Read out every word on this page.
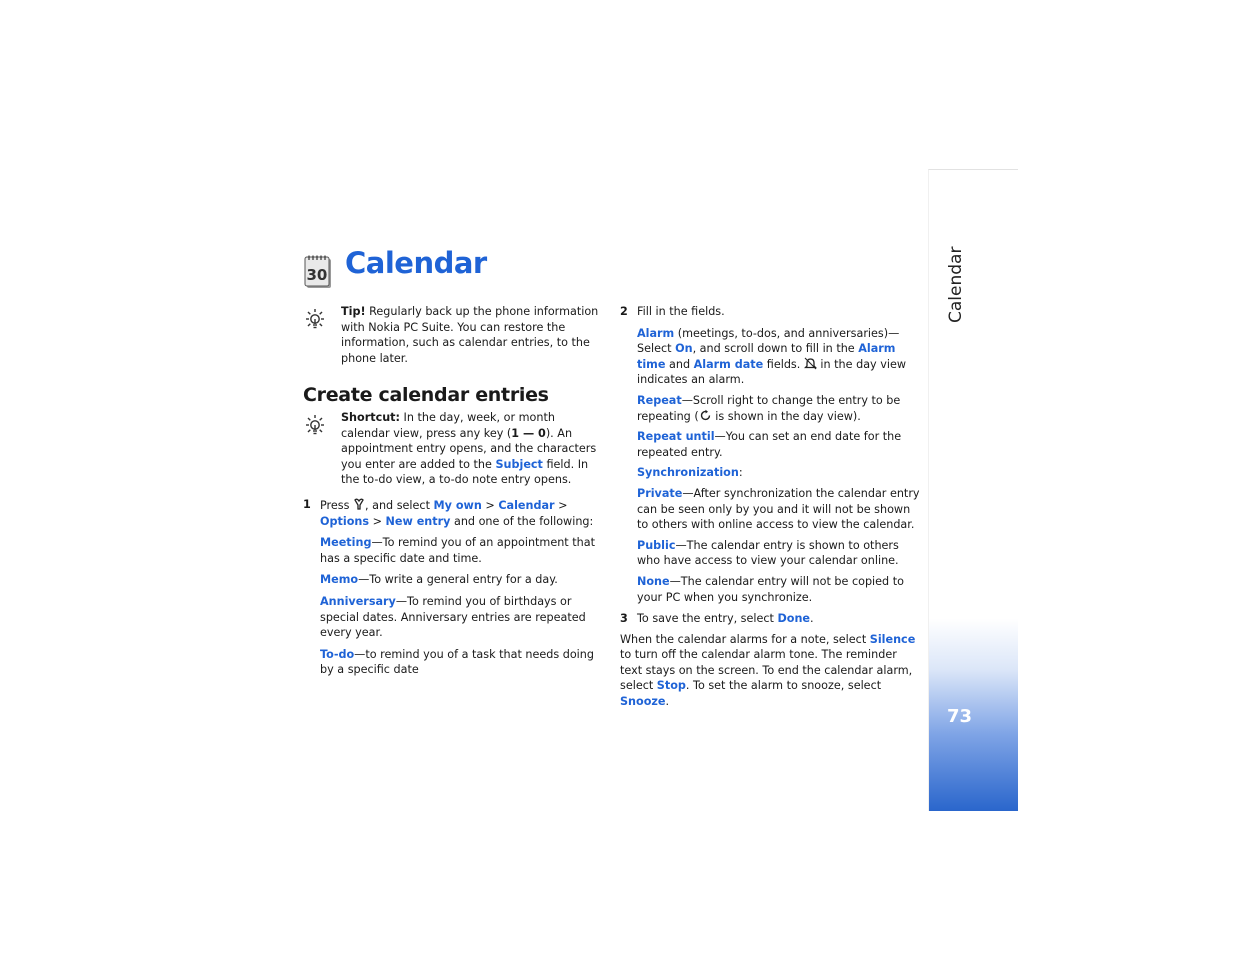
Calendar
73
30 Calendar

Tip! Regularly back up the phone information with Nokia PC Suite. You can restore the information, such as calendar entries, to the phone later.

Create calendar entries

Shortcut: In the day, week, or month calendar view, press any key (1 — 0). An appointment entry opens, and the characters you enter are added to the Subject field. In the to-do view, a to-do note entry opens.

1 Press , and select My own > Calendar > Options > New entry and one of the following:

Meeting—To remind you of an appointment that has a specific date and time.

Memo—To write a general entry for a day.

Anniversary—To remind you of birthdays or special dates. Anniversary entries are repeated every year.

To-do—to remind you of a task that needs doing by a specific date

2 Fill in the fields.

Alarm (meetings, to-dos, and anniversaries)—Select On, and scroll down to fill in the Alarm time and Alarm date fields.  in the day view indicates an alarm.

Repeat—Scroll right to change the entry to be repeating ( is shown in the day view).

Repeat until—You can set an end date for the repeated entry.

Synchronization:

Private—After synchronization the calendar entry can be seen only by you and it will not be shown to others with online access to view the calendar.

Public—The calendar entry is shown to others who have access to view your calendar online.

None—The calendar entry will not be copied to your PC when you synchronize.

3 To save the entry, select Done.

When the calendar alarms for a note, select Silence to turn off the calendar alarm tone. The reminder text stays on the screen. To end the calendar alarm, select Stop. To set the alarm to snooze, select Snooze.
